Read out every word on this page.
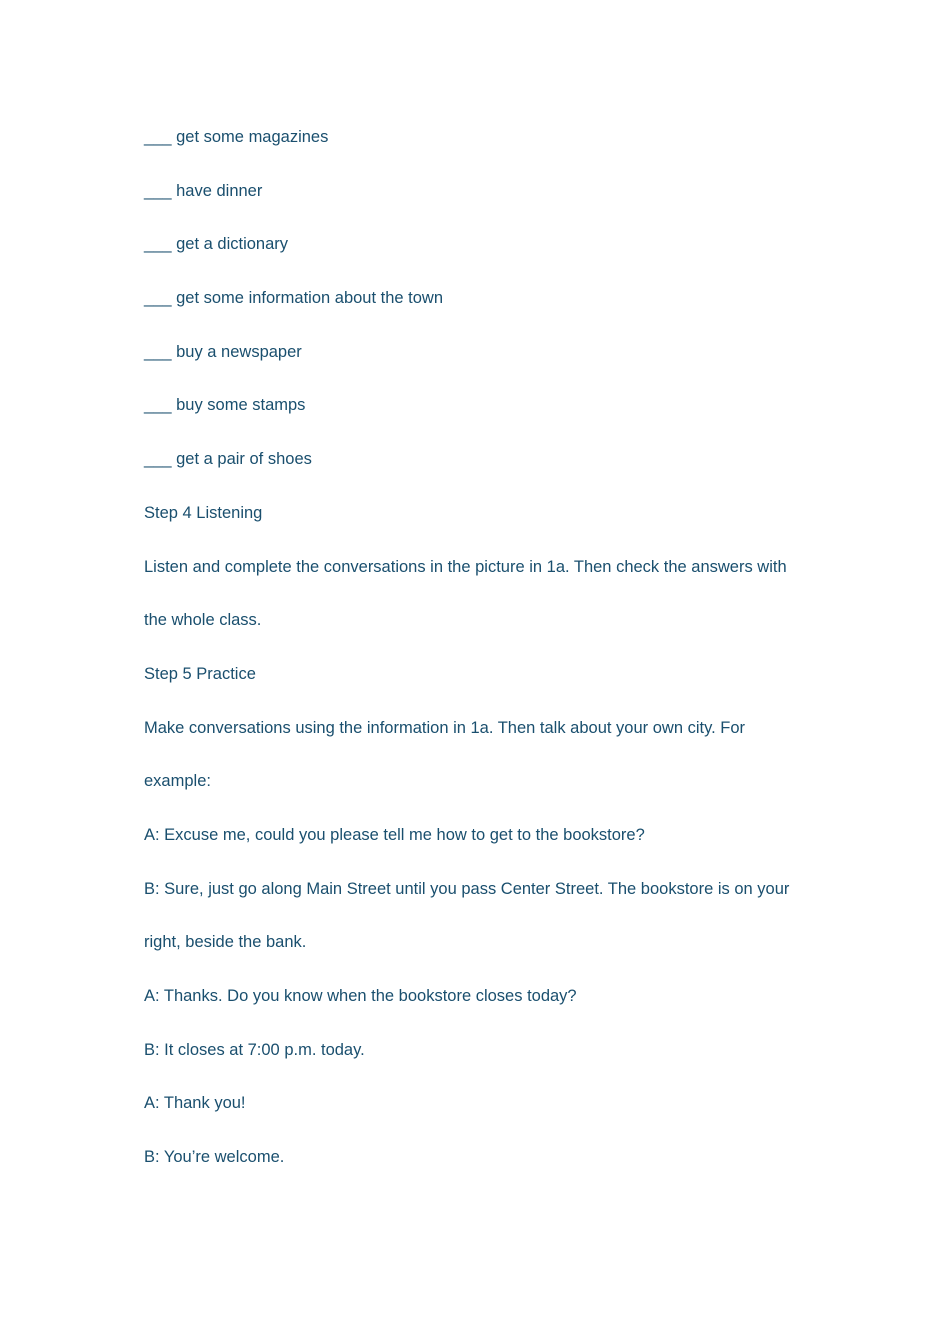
___ get some magazines
___ have dinner
___ get a dictionary
___ get some information about the town
___ buy a newspaper
___ buy some stamps
___ get a pair of shoes
Step 4 Listening
Listen and complete the conversations in the picture in 1a. Then check the answers with
the whole class.
Step 5 Practice
Make conversations using the information in 1a. Then talk about your own city. For
example:
A: Excuse me, could you please tell me how to get to the bookstore?
B: Sure, just go along Main Street until you pass Center Street. The bookstore is on your
right, beside the bank.
A: Thanks. Do you know when the bookstore closes today?
B: It closes at 7:00 p.m. today.
A: Thank you!
B: You’re welcome.
